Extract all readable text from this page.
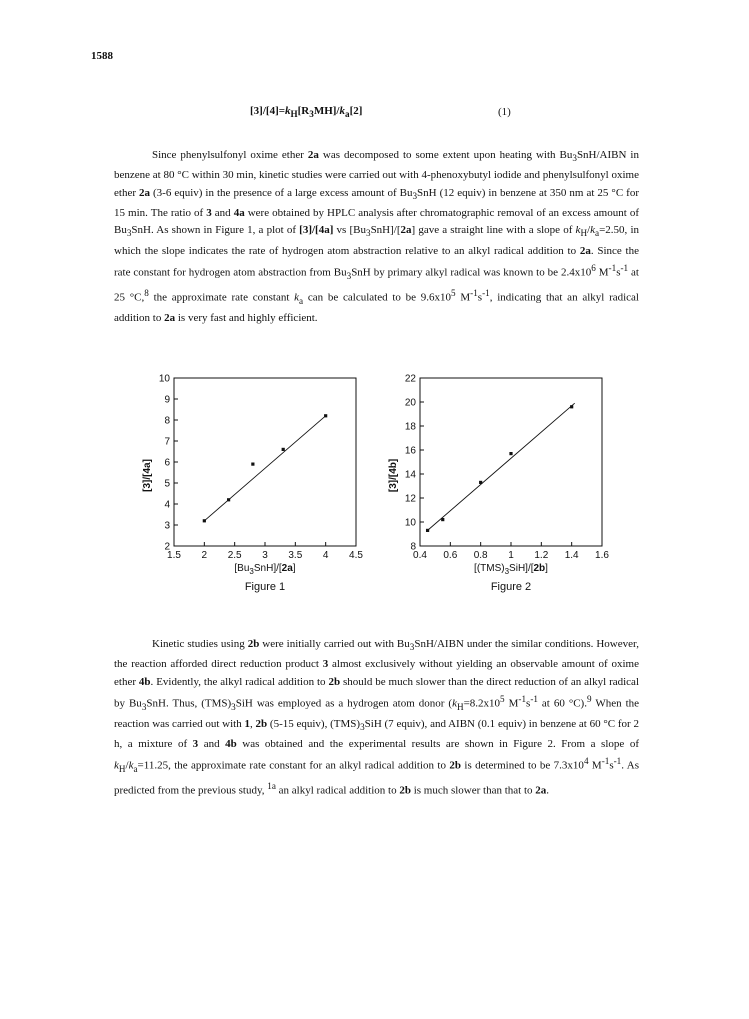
1588
$[3]/[4]=k_H[R_3MH]/k_a[2]$	(1)

Since phenylsulfonyl oxime ether 2a was decomposed to some extent upon heating with $Bu_3SnH$/AIBN in benzene at 80 °C within 30 min, kinetic studies were carried out with 4-phenoxybutyl iodide and phenylsulfonyl oxime ether 2a (3-6 equiv) in the presence of a large excess amount of $Bu_3SnH$ (12 equiv) in benzene at 350 nm at 25 °C for 15 min. The ratio of 3 and 4a were obtained by HPLC analysis after chromatographic removal of an excess amount of $Bu_3SnH$. As shown in Figure 1, a plot of [3]/[4a] vs $[Bu_3SnH]/[2a]$ gave a straight line with a slope of $k_H/k_a=2.50$, in which the slope indicates the rate of hydrogen atom abstraction relative to an alkyl radical addition to 2a. Since the rate constant for hydrogen atom abstraction from $Bu_3SnH$ by primary alkyl radical was known to be $2.4x10^6$ $M^{-1}s^{-1}$ at 25 °C,$^8$ the approximate rate constant $k_a$ can be calculated to be $9.6x10^5$ $M^{-1}s^{-1}$, indicating that an alkyl radical addition to 2a is very fast and highly efficient.

1.5 2 2.5 3 3.5 4 4.5
2
3
4
5
6
7
8
9
10
$[Bu_3SnH]/[2a]$
[3]/[4a]
Figure 1
0.4 0.6 0.8 1 1.2 1.4 1.6
8
10
12
14
16
18
20
22
$[(TMS)_3SiH]/[2b]$
[3]/[4b]
Figure 2

Kinetic studies using 2b were initially carried out with $Bu_3SnH$/AIBN under the similar conditions. However, the reaction afforded direct reduction product 3 almost exclusively without yielding an observable amount of oxime ether 4b. Evidently, the alkyl radical addition to 2b should be much slower than the direct reduction of an alkyl radical by $Bu_3SnH$. Thus, $(TMS)_3SiH$ was employed as a hydrogen atom donor ($k_H=8.2x10^5$ $M^{-1}s^{-1}$ at 60 °C).$^9$ When the reaction was carried out with 1, 2b (5-15 equiv), $(TMS)_3SiH$ (7 equiv), and AIBN (0.1 equiv) in benzene at 60 °C for 2 h, a mixture of 3 and 4b was obtained and the experimental results are shown in Figure 2. From a slope of $k_H/k_a=11.25$, the approximate rate constant for an alkyl radical addition to 2b is determined to be $7.3x10^4$ $M^{-1}s^{-1}$. As predicted from the previous study, $^{1a}$ an alkyl radical addition to 2b is much slower than that to 2a.
